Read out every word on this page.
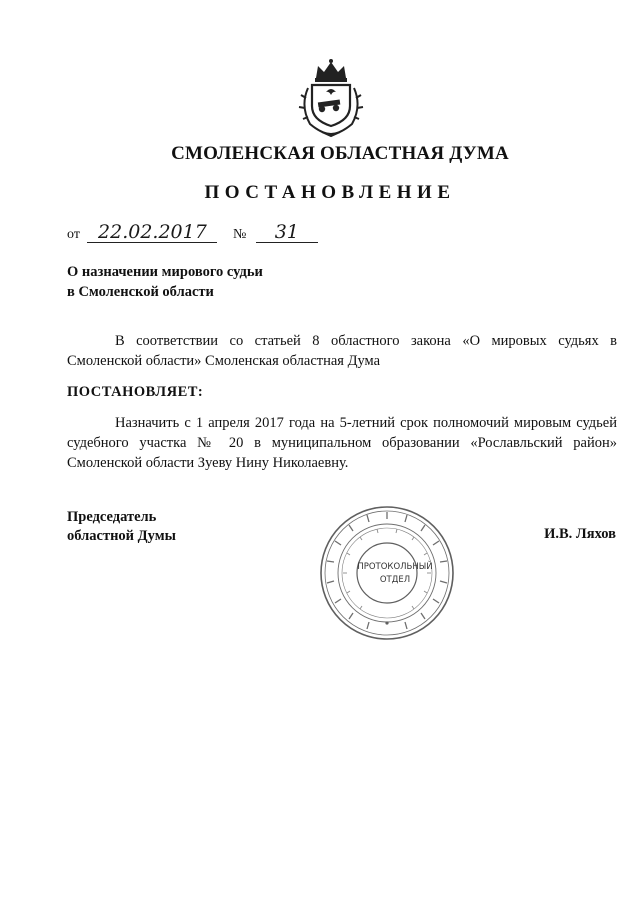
СМОЛЕНСКАЯ ОБЛАСТНАЯ ДУМА
ПОСТАНОВЛЕНИЕ
от 22.02.2017 № 31
О назначении мирового судьи
в Смоленской области
В соответствии со статьей 8 областного закона «О мировых судьях в Смоленской области» Смоленская областная Дума
ПОСТАНОВЛЯЕТ:
Назначить с 1 апреля 2017 года на 5-летний срок полномочий мировым судьей судебного участка № 20 в муниципальном образовании «Рославльский район» Смоленской области Зуеву Нину Николаевну.
Председатель
областной Думы
ПРОТОКОЛЬНЫЙ
ОТДЕЛ
И.В. Ляхов
